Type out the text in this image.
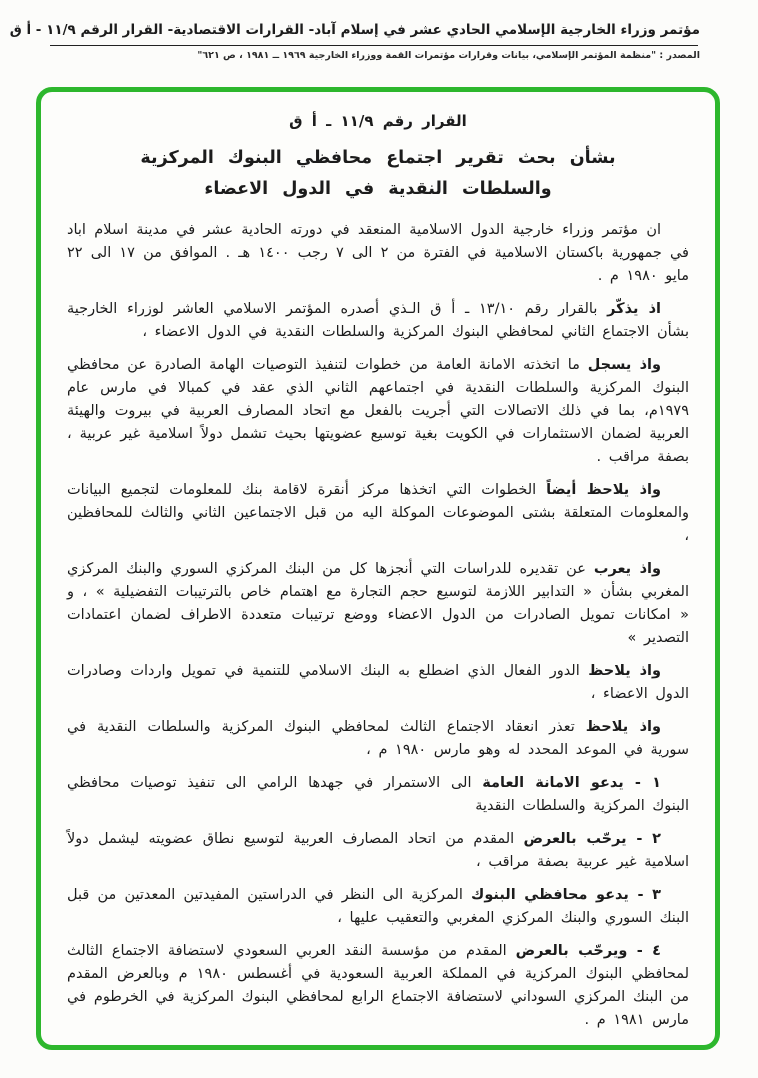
مؤتمر وزراء الخارجية الإسلامي الحادي عشر في إسلام آباد- القرارات الاقتصادية- القرار الرقم ١١/٩ - أ ق
المصدر : "منظمة المؤتمر الإسلامي، بيانات وقرارات مؤتمرات القمة ووزراء الخارجية ١٩٦٩ ــ ١٩٨١ ، ص ٦٢١"
القرار رقم ١١/٩ ـ أ ق
بشأن بحث تقرير اجتماع محافظي البنوك المركزية
والسلطات النقدية في الدول الاعضاء

ان مؤتمر وزراء خارجية الدول الاسلامية المنعقد في دورته الحادية عشر في مدينة اسلام اباد في جمهورية باكستان الاسلامية في الفترة من ٢ الى ٧ رجب ١٤٠٠ هـ . الموافق من ١٧ الى ٢٢ مايو ١٩٨٠ م .

اذ يذكّر بالقرار رقم ١٣/١٠ ـ أ ق الـذي أصدره المؤتمر الاسلامي العاشر لوزراء الخارجية بشأن الاجتماع الثاني لمحافظي البنوك المركزية والسلطات النقدية في الدول الاعضاء ،

واذ يسجل ما اتخذته الامانة العامة من خطوات لتنفيذ التوصيات الهامة الصادرة عن محافظي البنوك المركزية والسلطات النقدية في اجتماعهم الثاني الذي عقد في كمبالا في مارس عام ١٩٧٩م، بما في ذلك الاتصالات التي أجريت بالفعل مع اتحاد المصارف العربية في بيروت والهيئة العربية لضمان الاستثمارات في الكويت بغية توسيع عضويتها بحيث تشمل دولاً اسلامية غير عربية ، بصفة مراقب .

واذ يلاحظ أيضاً الخطوات التي اتخذها مركز أنقرة لاقامة بنك للمعلومات لتجميع البيانات والمعلومات المتعلقة بشتى الموضوعات الموكلة اليه من قبل الاجتماعين الثاني والثالث للمحافظين ،

واذ يعرب عن تقديره للدراسات التي أنجزها كل من البنك المركزي السوري والبنك المركزي المغربي بشأن « التدابير اللازمة لتوسيع حجم التجارة مع اهتمام خاص بالترتيبات التفضيلية » ، و « امكانات تمويل الصادرات من الدول الاعضاء ووضع ترتيبات متعددة الاطراف لضمان اعتمادات التصدير »

واذ يلاحظ الدور الفعال الذي اضطلع به البنك الاسلامي للتنمية في تمويل واردات وصادرات الدول الاعضاء ،

واذ يلاحظ تعذر انعقاد الاجتماع الثالث لمحافظي البنوك المركزية والسلطات النقدية في سورية في الموعد المحدد له وهو مارس ١٩٨٠ م ،

١ - يدعو الامانة العامة الى الاستمرار في جهدها الرامي الى تنفيذ توصيات محافظي البنوك المركزية والسلطات النقدية

٢ - يرحّب بالعرض المقدم من اتحاد المصارف العربية لتوسيع نطاق عضويته ليشمل دولاً اسلامية غير عربية بصفة مراقب ،

٣ - يدعو محافظي البنوك المركزية الى النظر في الدراستين المفيدتين المعدتين من قبل البنك السوري والبنك المركزي المغربي والتعقيب عليها ،

٤ - ويرحّب بالعرض المقدم من مؤسسة النقد العربي السعودي لاستضافة الاجتماع الثالث لمحافظي البنوك المركزية في المملكة العربية السعودية في أغسطس ١٩٨٠ م وبالعرض المقدم من البنك المركزي السوداني لاستضافة الاجتماع الرابع لمحافظي البنوك المركزية في الخرطوم في مارس ١٩٨١ م .
